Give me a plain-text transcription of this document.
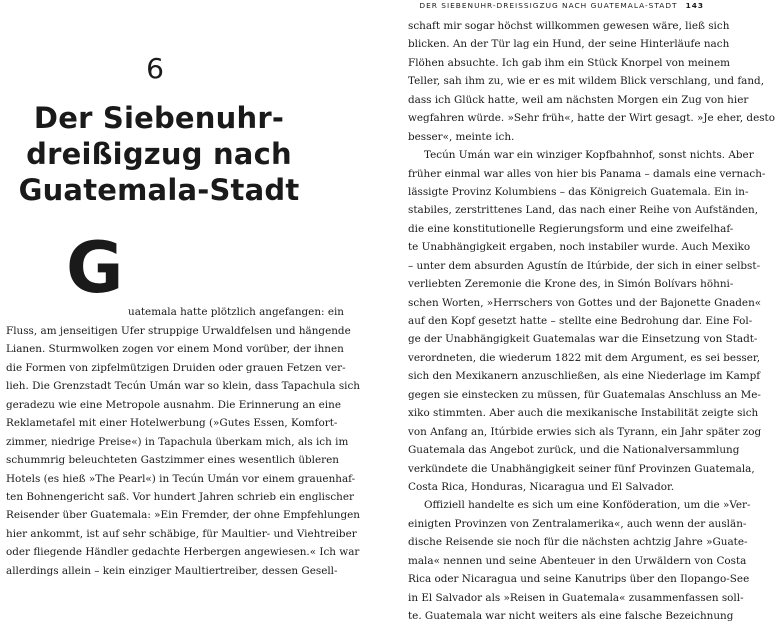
6
Der Siebenuhr-
dreißigzug nach
Guatemala-Stadt
G
uatemala hatte plötzlich angefangen: ein
Fluss, am jenseitigen Ufer struppige Urwaldfelsen und hängende
Lianen. Sturmwolken zogen vor einem Mond vorüber, der ihnen
die Formen von zipfelmützigen Druiden oder grauen Fetzen ver-
lieh. Die Grenzstadt Tecún Umán war so klein, dass Tapachula sich
geradezu wie eine Metropole ausnahm. Die Erinnerung an eine
Reklametafel mit einer Hotelwerbung (»Gutes Essen, Komfort-
zimmer, niedrige Preise«) in Tapachula überkam mich, als ich im
schummrig beleuchteten Gastzimmer eines wesentlich übleren
Hotels (es hieß »The Pearl«) in Tecún Umán vor einem grauenhaf-
ten Bohnengericht saß. Vor hundert Jahren schrieb ein englischer
Reisender über Guatemala: »Ein Fremder, der ohne Empfehlungen
hier ankommt, ist auf sehr schäbige, für Maultier- und Viehtreiber
oder fliegende Händler gedachte Herbergen angewiesen.« Ich war
allerdings allein – kein einziger Maultiertreiber, dessen Gesell-
DER SIEBENUHR-DREISSIGZUG NACH GUATEMALA-STADT 143
schaft mir sogar höchst willkommen gewesen wäre, ließ sich
blicken. An der Tür lag ein Hund, der seine Hinterläufe nach
Flöhen absuchte. Ich gab ihm ein Stück Knorpel von meinem
Teller, sah ihm zu, wie er es mit wildem Blick verschlang, und fand,
dass ich Glück hatte, weil am nächsten Morgen ein Zug von hier
wegfahren würde. »Sehr früh«, hatte der Wirt gesagt. »Je eher, desto
besser«, meinte ich.
Tecún Umán war ein winziger Kopfbahnhof, sonst nichts. Aber
früher einmal war alles von hier bis Panama – damals eine vernach-
lässigte Provinz Kolumbiens – das Königreich Guatemala. Ein in-
stabiles, zerstrittenes Land, das nach einer Reihe von Aufständen,
die eine konstitutionelle Regierungsform und eine zweifelhaf-
te Unabhängigkeit ergaben, noch instabiler wurde. Auch Mexiko
– unter dem absurden Agustín de Itúrbide, der sich in einer selbst-
verliebten Zeremonie die Krone des, in Simón Bolívars höhni-
schen Worten, »Herrschers von Gottes und der Bajonette Gnaden«
auf den Kopf gesetzt hatte – stellte eine Bedrohung dar. Eine Fol-
ge der Unabhängigkeit Guatemalas war die Einsetzung von Stadt-
verordneten, die wiederum 1822 mit dem Argument, es sei besser,
sich den Mexikanern anzuschließen, als eine Niederlage im Kampf
gegen sie einstecken zu müssen, für Guatemalas Anschluss an Me-
xiko stimmten. Aber auch die mexikanische Instabilität zeigte sich
von Anfang an, Itúrbide erwies sich als Tyrann, ein Jahr später zog
Guatemala das Angebot zurück, und die Nationalversammlung
verkündete die Unabhängigkeit seiner fünf Provinzen Guatemala,
Costa Rica, Honduras, Nicaragua und El Salvador.
Offiziell handelte es sich um eine Konföderation, um die »Ver-
einigten Provinzen von Zentralamerika«, auch wenn der auslän-
dische Reisende sie noch für die nächsten achtzig Jahre »Guate-
mala« nennen und seine Abenteuer in den Urwäldern von Costa
Rica oder Nicaragua und seine Kanutrips über den Ilopango-See
in El Salvador als »Reisen in Guatemala« zusammenfassen soll-
te. Guatemala war nicht weiters als eine falsche Bezeichnung
